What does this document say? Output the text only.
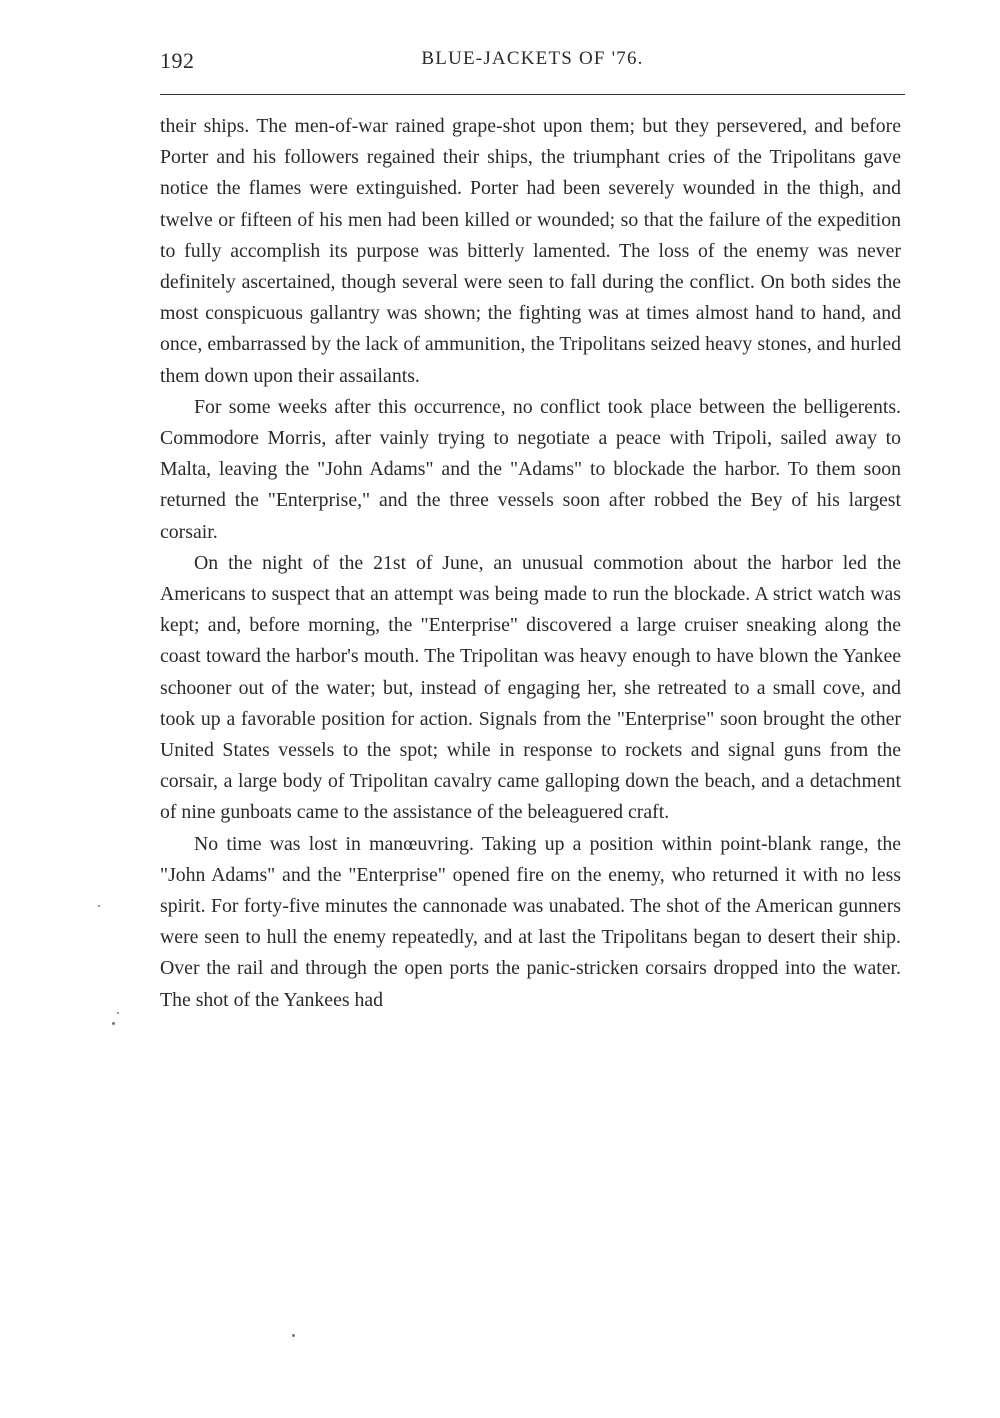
192	BLUE-JACKETS OF '76.

their ships. The men-of-war rained grape-shot upon them; but they persevered, and before Porter and his followers regained their ships, the triumphant cries of the Tripolitans gave notice the flames were extinguished. Porter had been severely wounded in the thigh, and twelve or fifteen of his men had been killed or wounded; so that the failure of the expedition to fully accomplish its purpose was bitterly lamented. The loss of the enemy was never definitely ascertained, though several were seen to fall during the conflict. On both sides the most conspicuous gallantry was shown; the fighting was at times almost hand to hand, and once, embarrassed by the lack of ammunition, the Tripolitans seized heavy stones, and hurled them down upon their assailants.

For some weeks after this occurrence, no conflict took place between the belligerents. Commodore Morris, after vainly trying to negotiate a peace with Tripoli, sailed away to Malta, leaving the "John Adams" and the "Adams" to blockade the harbor. To them soon returned the "Enterprise," and the three vessels soon after robbed the Bey of his largest corsair.

On the night of the 21st of June, an unusual commotion about the harbor led the Americans to suspect that an attempt was being made to run the blockade. A strict watch was kept; and, before morning, the "Enterprise" discovered a large cruiser sneaking along the coast toward the harbor's mouth. The Tripolitan was heavy enough to have blown the Yankee schooner out of the water; but, instead of engaging her, she retreated to a small cove, and took up a favorable position for action. Signals from the "Enterprise" soon brought the other United States vessels to the spot; while in response to rockets and signal guns from the corsair, a large body of Tripolitan cavalry came galloping down the beach, and a detachment of nine gunboats came to the assistance of the beleaguered craft.

No time was lost in manœuvring. Taking up a position within point-blank range, the "John Adams" and the "Enterprise" opened fire on the enemy, who returned it with no less spirit. For forty-five minutes the cannonade was unabated. The shot of the American gunners were seen to hull the enemy repeatedly, and at last the Tripolitans began to desert their ship. Over the rail and through the open ports the panic-stricken corsairs dropped into the water. The shot of the Yankees had
